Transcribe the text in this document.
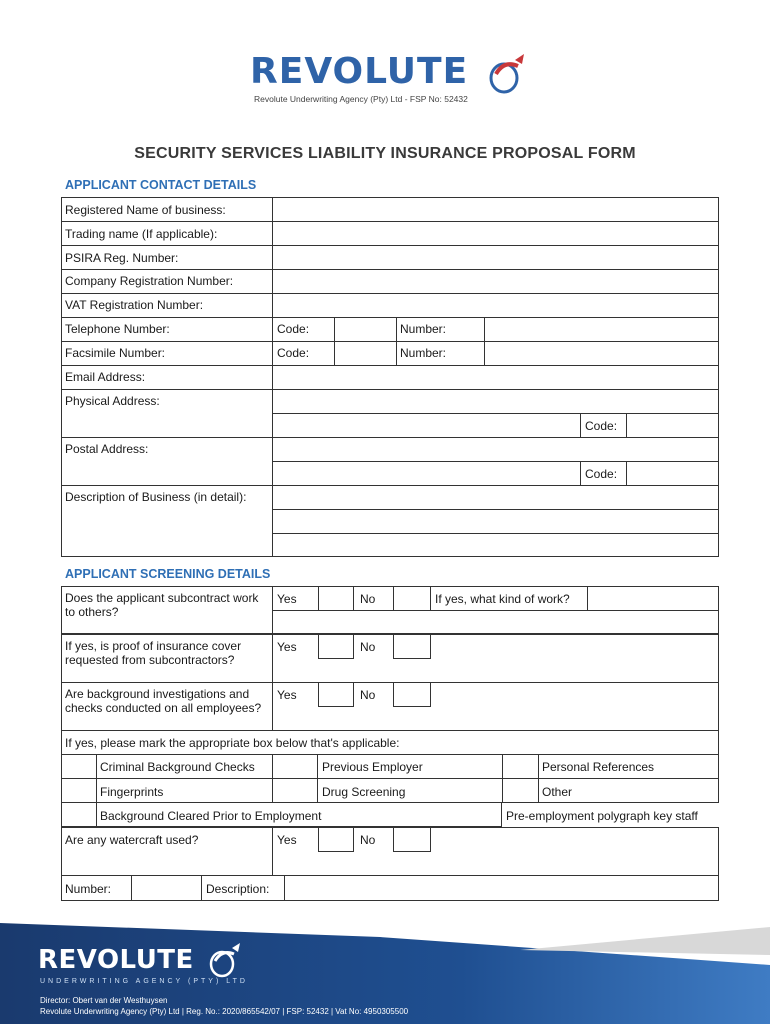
REVOLUTE
Revolute Underwriting Agency (Pty) Ltd - FSP No: 52432
SECURITY SERVICES LIABILITY INSURANCE PROPOSAL FORM
APPLICANT CONTACT DETAILS
Registered Name of business:
Trading name (If applicable):
PSIRA Reg. Number:
Company Registration Number:
VAT Registration Number:
Telephone Number:	Code:	Number:
Facsimile Number:	Code:	Number:
Email Address:
Physical Address:
Code:
Postal Address:
Code:
Description of Business (in detail):
APPLICANT SCREENING DETAILS
Does the applicant subcontract work to others?
Yes	No	If yes, what kind of work?
If yes, is proof of insurance cover requested from subcontractors?
Yes	No
Are background investigations and checks conducted on all employees?
Yes	No
If yes, please mark the appropriate box below that's applicable:
Criminal Background Checks	Previous Employer	Personal References
Fingerprints	Drug Screening	Other
Background Cleared Prior to Employment	Pre-employment polygraph key staff
Are any watercraft used?	Yes	No
Number:	Description:
REVOLUTE
UNDERWRITING AGENCY (PTY) LTD
Director: Obert van der Westhuysen
Revolute Underwriting Agency (Pty) Ltd | Reg. No.: 2020/865542/07 | FSP: 52432 | Vat No: 4950305500
